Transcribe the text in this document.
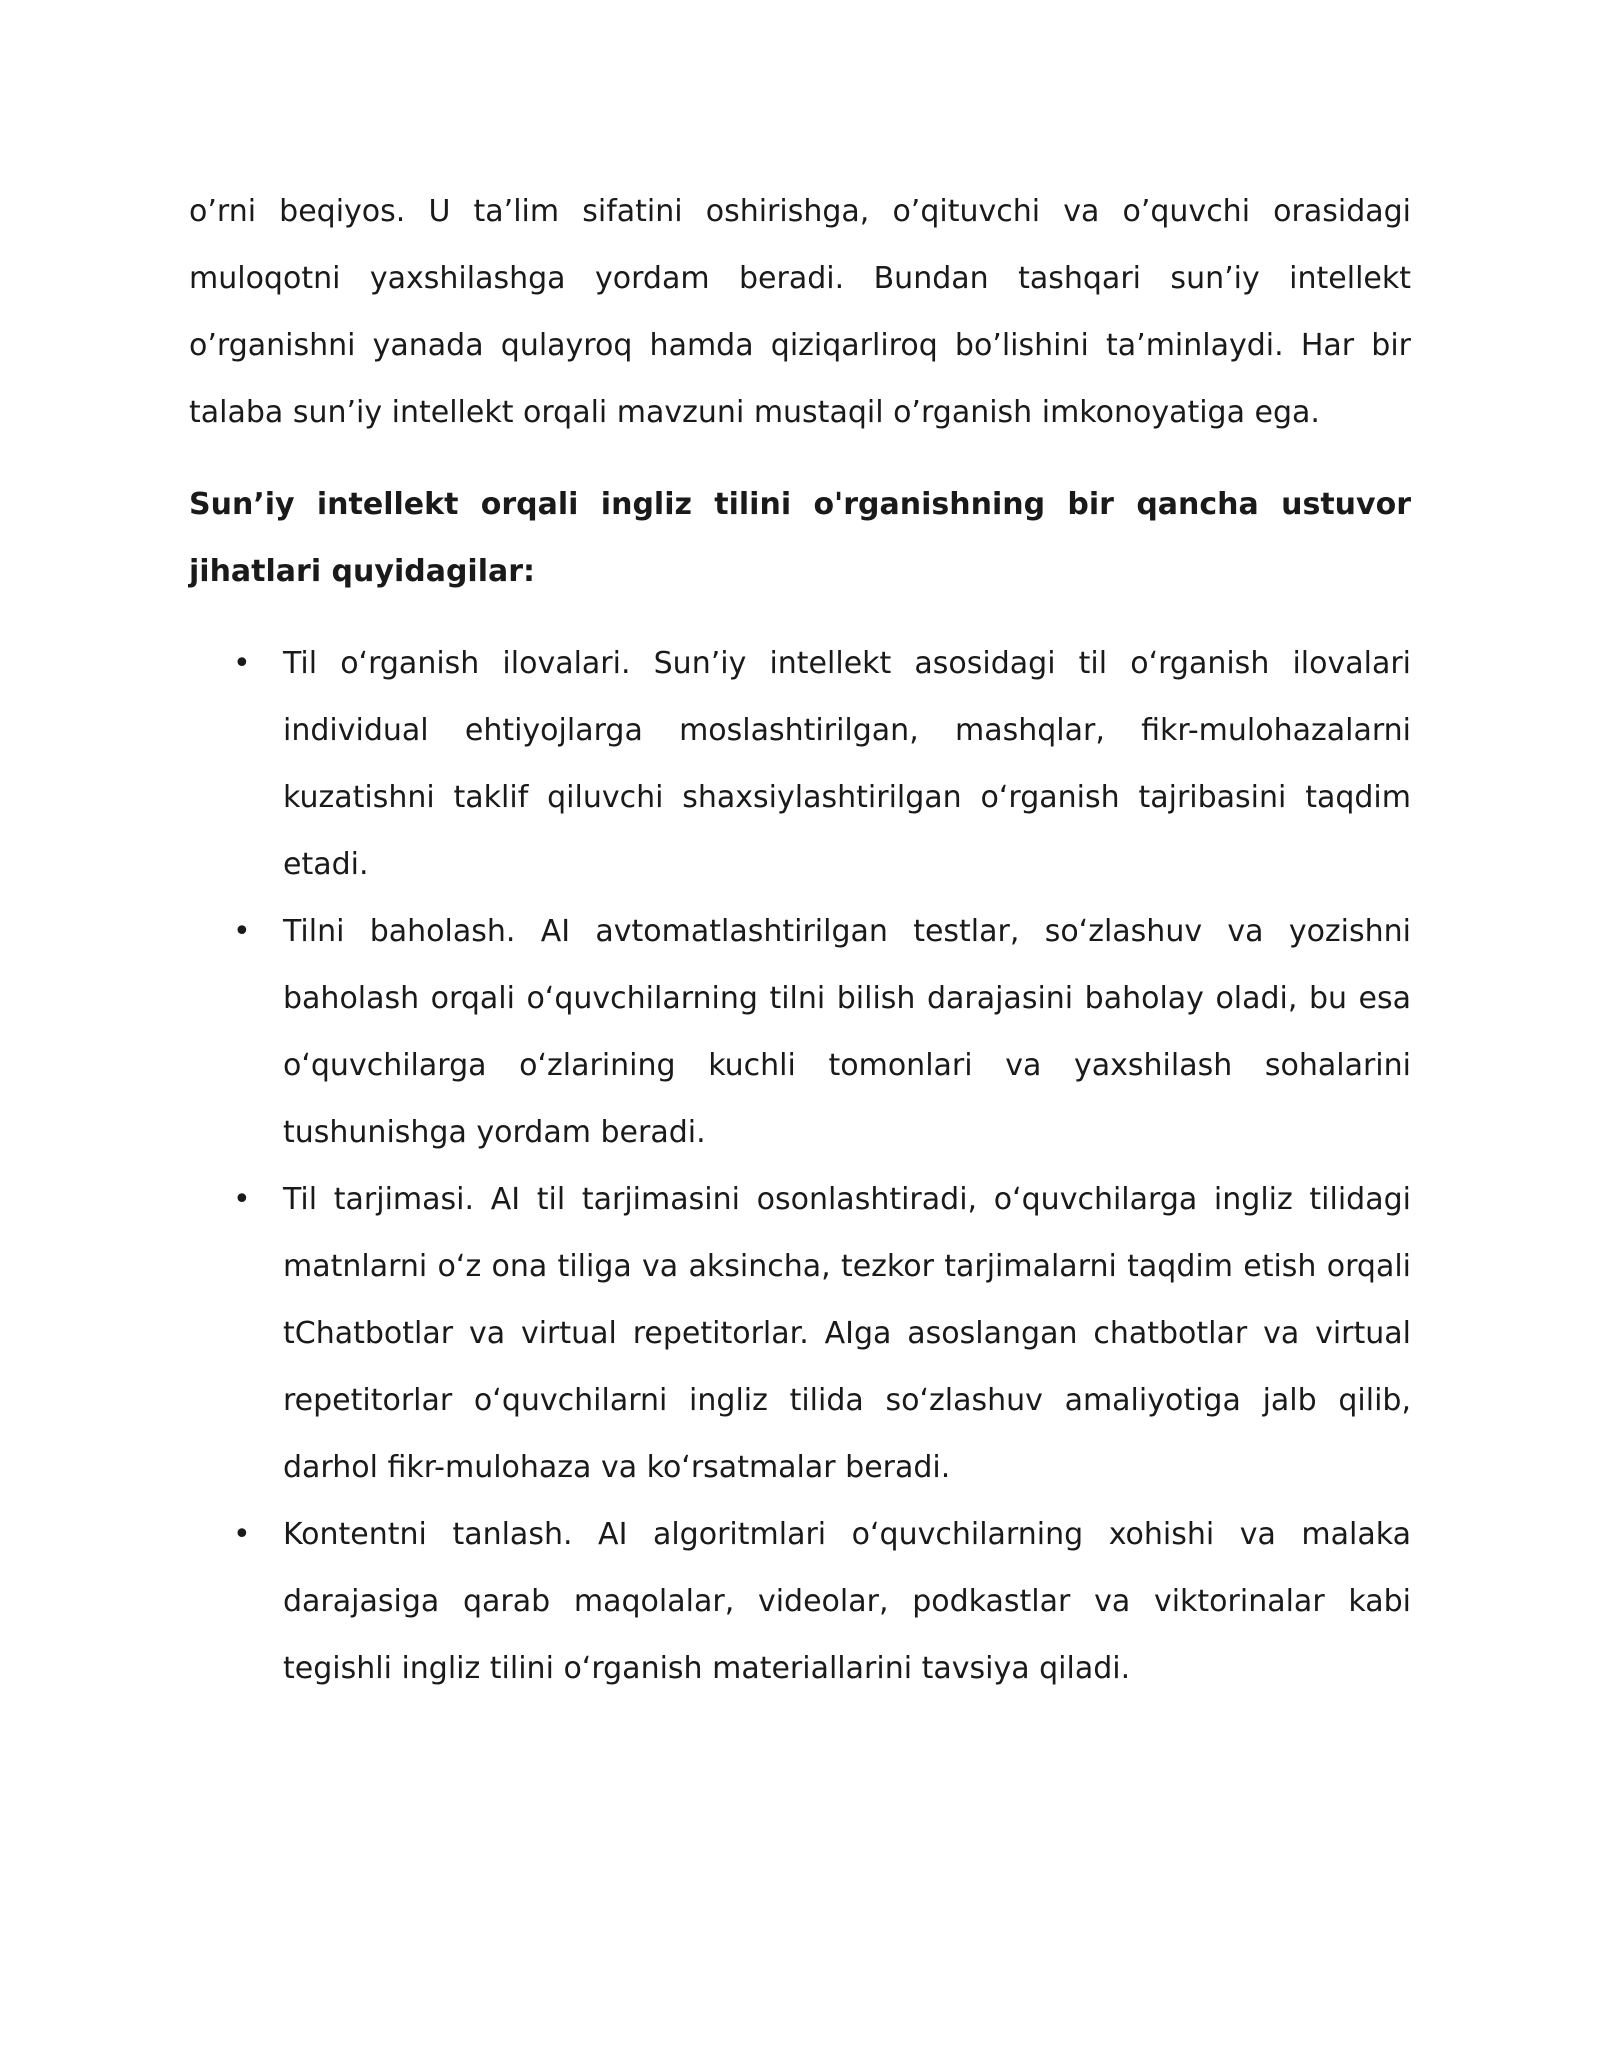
o’rni beqiyos. U ta’lim sifatini oshirishga, o’qituvchi va o’quvchi orasidagi muloqotni yaxshilashga yordam beradi. Bundan tashqari sun’iy intellekt o’rganishni yanada qulayroq hamda qiziqarliroq bo’lishini ta’minlaydi. Har bir talaba sun’iy intellekt orqali mavzuni mustaqil o’rganish imkonoyatiga ega.

Sun’iy intellekt orqali ingliz tilini o'rganishning bir qancha ustuvor jihatlari quyidagilar:

• Til o‘rganish ilovalari. Sun’iy intellekt asosidagi til o‘rganish ilovalari individual ehtiyojlarga moslashtirilgan, mashqlar, fikr-mulohazalarni kuzatishni taklif qiluvchi shaxsiylashtirilgan o‘rganish tajribasini taqdim etadi.
• Tilni baholash. AI avtomatlashtirilgan testlar, so‘zlashuv va yozishni baholash orqali o‘quvchilarning tilni bilish darajasini baholay oladi, bu esa o‘quvchilarga o‘zlarining kuchli tomonlari va yaxshilash sohalarini tushunishga yordam beradi.
• Til tarjimasi. AI til tarjimasini osonlashtiradi, o‘quvchilarga ingliz tilidagi matnlarni o‘z ona tiliga va aksincha, tezkor tarjimalarni taqdim etish orqali tChatbotlar va virtual repetitorlar. AIga asoslangan chatbotlar va virtual repetitorlar o‘quvchilarni ingliz tilida so‘zlashuv amaliyotiga jalb qilib, darhol fikr-mulohaza va ko‘rsatmalar beradi.
• Kontentni tanlash. AI algoritmlari o‘quvchilarning xohishi va malaka darajasiga qarab maqolalar, videolar, podkastlar va viktorinalar kabi tegishli ingliz tilini o‘rganish materiallarini tavsiya qiladi.
